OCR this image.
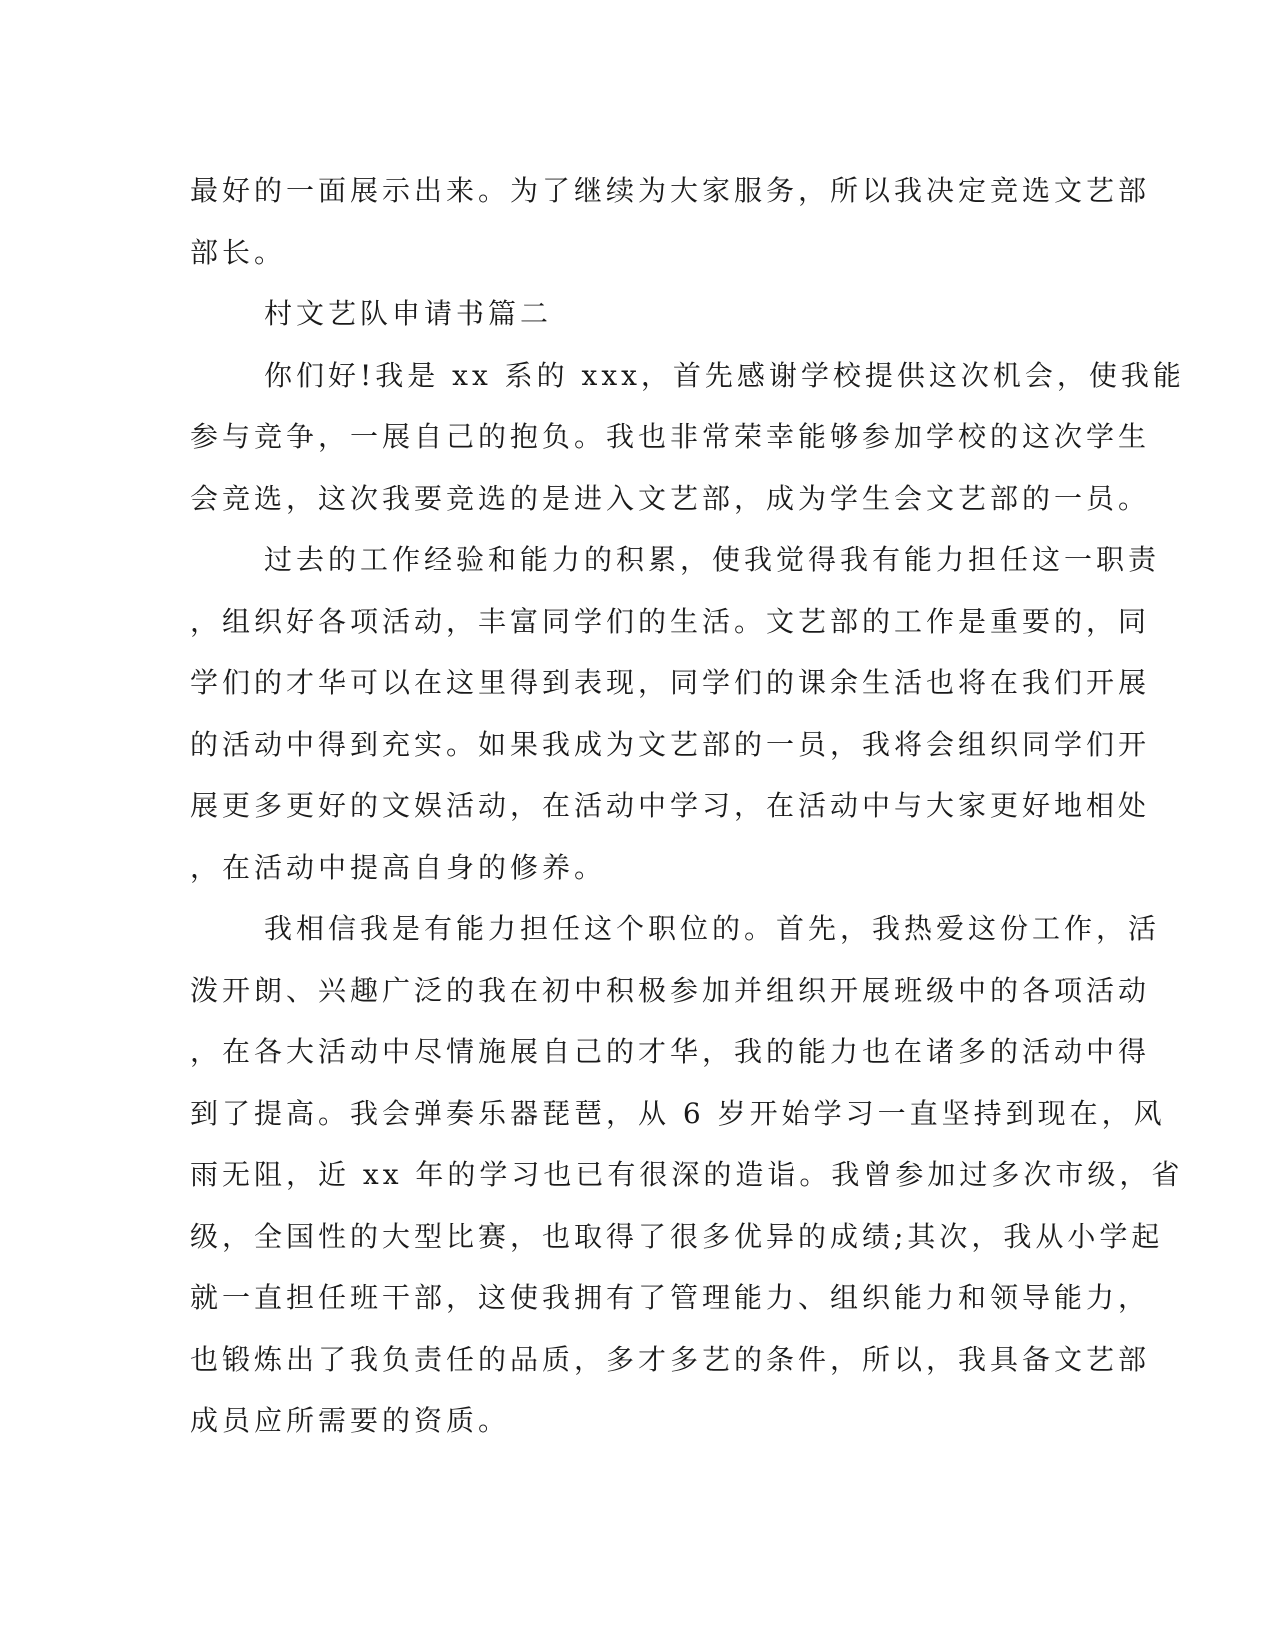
最好的一面展示出来。为了继续为大家服务，所以我决定竞选文艺部
部长。
村文艺队申请书篇二
你们好!我是 xx 系的 xxx，首先感谢学校提供这次机会，使我能
参与竞争，一展自己的抱负。我也非常荣幸能够参加学校的这次学生
会竞选，这次我要竞选的是进入文艺部，成为学生会文艺部的一员。
过去的工作经验和能力的积累，使我觉得我有能力担任这一职责
，组织好各项活动，丰富同学们的生活。文艺部的工作是重要的，同
学们的才华可以在这里得到表现，同学们的课余生活也将在我们开展
的活动中得到充实。如果我成为文艺部的一员，我将会组织同学们开
展更多更好的文娱活动，在活动中学习，在活动中与大家更好地相处
，在活动中提高自身的修养。
我相信我是有能力担任这个职位的。首先，我热爱这份工作，活
泼开朗、兴趣广泛的我在初中积极参加并组织开展班级中的各项活动
，在各大活动中尽情施展自己的才华，我的能力也在诸多的活动中得
到了提高。我会弹奏乐器琵琶，从 6 岁开始学习一直坚持到现在，风
雨无阻，近 xx 年的学习也已有很深的造诣。我曾参加过多次市级，省
级，全国性的大型比赛，也取得了很多优异的成绩;其次，我从小学起
就一直担任班干部，这使我拥有了管理能力、组织能力和领导能力，
也锻炼出了我负责任的品质，多才多艺的条件，所以，我具备文艺部
成员应所需要的资质。
